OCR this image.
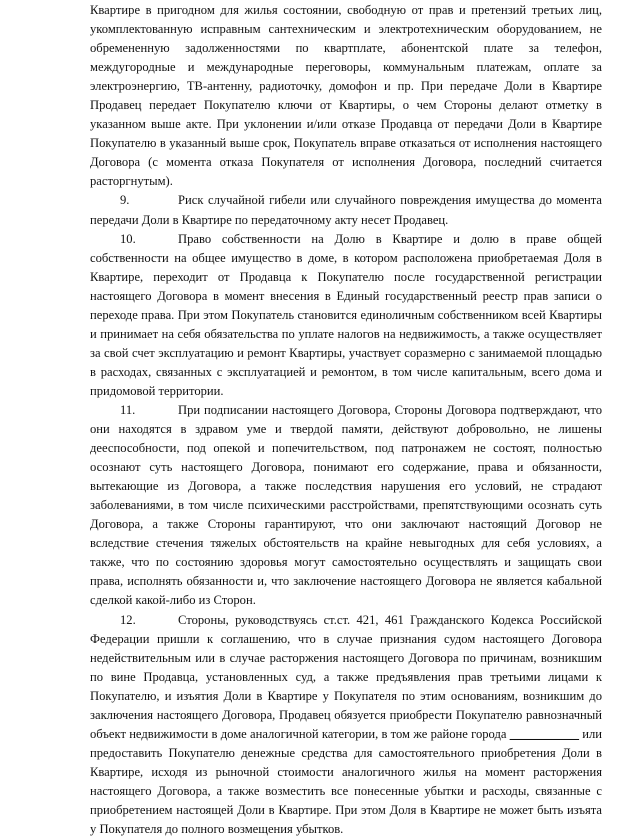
Квартире в пригодном для жилья состоянии, свободную от прав и претензий третьих лиц, укомплектованную исправным сантехническим и электротехническим оборудованием, не обремененную задолженностями по квартплате, абонентской плате за телефон, междугородные и международные переговоры, коммунальным платежам, оплате за электроэнергию, ТВ-антенну, радиоточку, домофон и пр. При передаче Доли в Квартире Продавец передает Покупателю ключи от Квартиры, о чем Стороны делают отметку в указанном выше акте. При уклонении и/или отказе Продавца от передачи Доли в Квартире Покупателю в указанный выше срок, Покупатель вправе отказаться от исполнения настоящего Договора (с момента отказа Покупателя от исполнения Договора, последний считается расторгнутым).

9.	Риск случайной гибели или случайного повреждения имущества до момента передачи Доли в Квартире по передаточному акту несет Продавец.

10.	Право собственности на Долю в Квартире и долю в праве общей собственности на общее имущество в доме, в котором расположена приобретаемая Доля в Квартире, переходит от Продавца к Покупателю после государственной регистрации настоящего Договора в момент внесения в Единый государственный реестр прав записи о переходе права. При этом Покупатель становится единоличным собственником всей Квартиры и принимает на себя обязательства по уплате налогов на недвижимость, а также осуществляет за свой счет эксплуатацию и ремонт Квартиры, участвует соразмерно с занимаемой площадью в расходах, связанных с эксплуатацией и ремонтом, в том числе капитальным, всего дома и придомовой территории.

11.	При подписании настоящего Договора, Стороны Договора подтверждают, что они находятся в здравом уме и твердой памяти, действуют добровольно, не лишены дееспособности, под опекой и попечительством, под патронажем не состоят, полностью осознают суть настоящего Договора, понимают его содержание, права и обязанности, вытекающие из Договора, а также последствия нарушения его условий, не страдают заболеваниями, в том числе психическими расстройствами, препятствующими осознать суть Договора, а также Стороны гарантируют, что они заключают настоящий Договор не вследствие стечения тяжелых обстоятельств на крайне невыгодных для себя условиях, а также, что по состоянию здоровья могут самостоятельно осуществлять и защищать свои права, исполнять обязанности и, что заключение настоящего Договора не является кабальной сделкой какой-либо из Сторон.

12.	Стороны, руководствуясь ст.ст. 421, 461 Гражданского Кодекса Российской Федерации пришли к соглашению, что в случае признания судом настоящего Договора недействительным или в случае расторжения настоящего Договора по причинам, возникшим по вине Продавца, установленных суд, а также предъявления прав третьими лицами к Покупателю, и изъятия Доли в Квартире у Покупателя по этим основаниям, возникшим до заключения настоящего Договора, Продавец обязуется приобрести Покупателю равнозначный объект недвижимости в доме аналогичной категории, в том же районе города ___________ или предоставить Покупателю денежные средства для самостоятельного приобретения Доли в Квартире, исходя из рыночной стоимости аналогичного жилья на момент расторжения настоящего Договора, а также возместить все понесенные убытки и расходы, связанные с приобретением настоящей Доли в Квартире. При этом Доля в Квартире не может быть изъята у Покупателя до полного возмещения убытков.
